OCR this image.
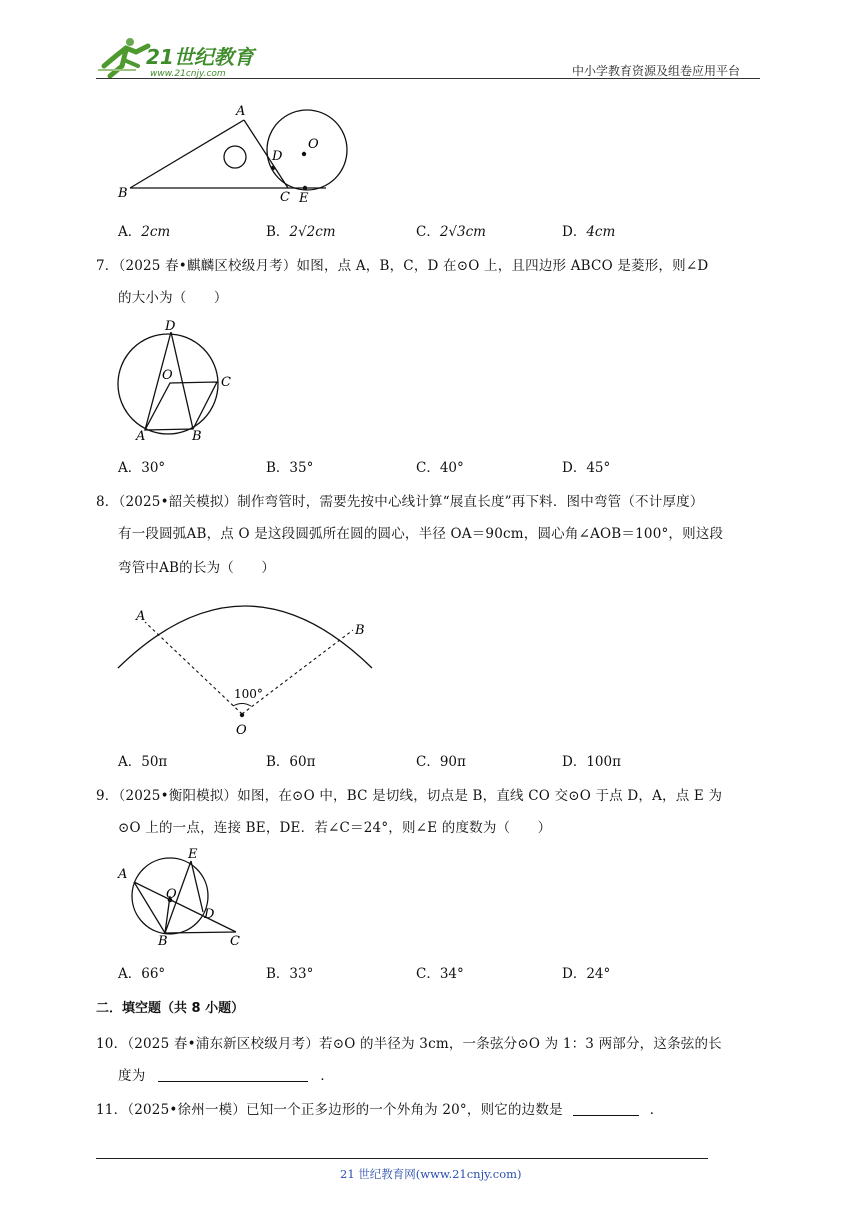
21世纪教育
www.21cnjy.com	中小学教育资源及组卷应用平台
A
B	C
D
E
O
A．2cm	B．2√2cm	C．2√3cm	D．4cm
7．（2025 春•麒麟区校级月考）如图，点 A，B，C，D 在⊙O 上，且四边形 ABCO 是菱形，则∠D
的大小为（　　）
D
O	C
A	B
A．30°	B．35°	C．40°	D．45°
8．（2025•韶关模拟）制作弯管时，需要先按中心线计算“展直长度”再下料．图中弯管（不计厚度）
有一段圆弧AB，点 O 是这段圆弧所在圆的圆心，半径 OA＝90cm，圆心角∠AOB＝100°，则这段
弯管中AB的长为（　　）
A
B
O
100°
A．50π	B．60π	C．90π	D．100π
9．（2025•衡阳模拟）如图，在⊙O 中，BC 是切线，切点是 B，直线 CO 交⊙O 于点 D，A，点 E 为
⊙O 上的一点，连接 BE，DE．若∠C＝24°，则∠E 的度数为（　　）
A
E
O
D
B	C
A．66°	B．33°	C．34°	D．24°
二．填空题（共 8 小题）
10．（2025 春•浦东新区校级月考）若⊙O 的半径为 3cm，一条弦分⊙O 为 1：3 两部分，这条弦的长
度为	．
11．（2025•徐州一模）已知一个正多边形的一个外角为 20°，则它的边数是	．
21 世纪教育网(www.21cnjy.com)
